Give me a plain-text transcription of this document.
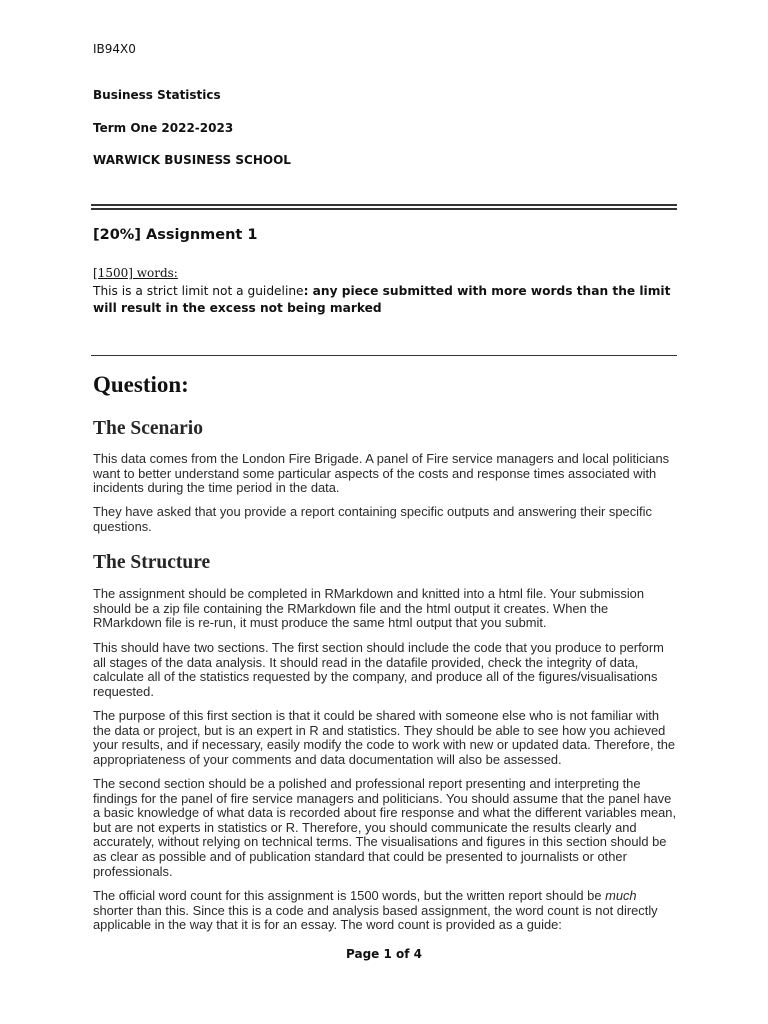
IB94X0
Business Statistics
Term One 2022-2023
WARWICK BUSINESS SCHOOL
[20%] Assignment 1
[1500] words:
This is a strict limit not a guideline: any piece submitted with more words than the limit will result in the excess not being marked
Question:
The Scenario
This data comes from the London Fire Brigade. A panel of Fire service managers and local politicians want to better understand some particular aspects of the costs and response times associated with incidents during the time period in the data.
They have asked that you provide a report containing specific outputs and answering their specific questions.
The Structure
The assignment should be completed in RMarkdown and knitted into a html file. Your submission should be a zip file containing the RMarkdown file and the html output it creates. When the RMarkdown file is re-run, it must produce the same html output that you submit.
This should have two sections. The first section should include the code that you produce to perform all stages of the data analysis. It should read in the datafile provided, check the integrity of data, calculate all of the statistics requested by the company, and produce all of the figures/visualisations requested.
The purpose of this first section is that it could be shared with someone else who is not familiar with the data or project, but is an expert in R and statistics. They should be able to see how you achieved your results, and if necessary, easily modify the code to work with new or updated data. Therefore, the appropriateness of your comments and data documentation will also be assessed.
The second section should be a polished and professional report presenting and interpreting the findings for the panel of fire service managers and politicians. You should assume that the panel have a basic knowledge of what data is recorded about fire response and what the different variables mean, but are not experts in statistics or R. Therefore, you should communicate the results clearly and accurately, without relying on technical terms. The visualisations and figures in this section should be as clear as possible and of publication standard that could be presented to journalists or other professionals.
The official word count for this assignment is 1500 words, but the written report should be much shorter than this. Since this is a code and analysis based assignment, the word count is not directly applicable in the way that it is for an essay. The word count is provided as a guide:
Page 1 of 4
